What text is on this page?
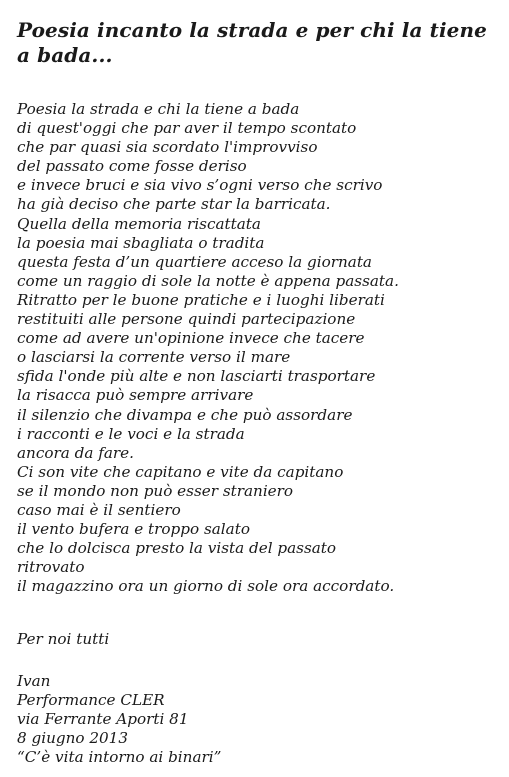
Poesia incanto la strada e per chi la tiene a bada...
Poesia la strada e chi la tiene a bada
di quest'oggi che par aver il tempo scontato
che par quasi sia scordato l'improvviso
del passato come fosse deriso
e invece bruci e sia vivo s’ogni verso che scrivo
ha già deciso che parte star la barricata.
Quella della memoria riscattata
la poesia mai sbagliata o tradita
questa festa d’un quartiere acceso la giornata
come un raggio di sole la notte è appena passata.
Ritratto per le buone pratiche e i luoghi liberati
restituiti alle persone quindi partecipazione
come ad avere un'opinione invece che tacere
o lasciarsi la corrente verso il mare
sfida l'onde più alte e non lasciarti trasportare
la risacca può sempre arrivare
il silenzio che divampa e che può assordare
i racconti e le voci e la strada
ancora da fare.
Ci son vite che capitano e vite da capitano
se il mondo non può esser straniero
caso mai è il sentiero
il vento bufera e troppo salato
che lo dolcisca presto la vista del passato
ritrovato
il magazzino ora un giorno di sole ora accordato.
Per noi tutti
Ivan
Performance CLER
via Ferrante Aporti 81
8 giugno 2013
“C’è vita intorno ai binari”
